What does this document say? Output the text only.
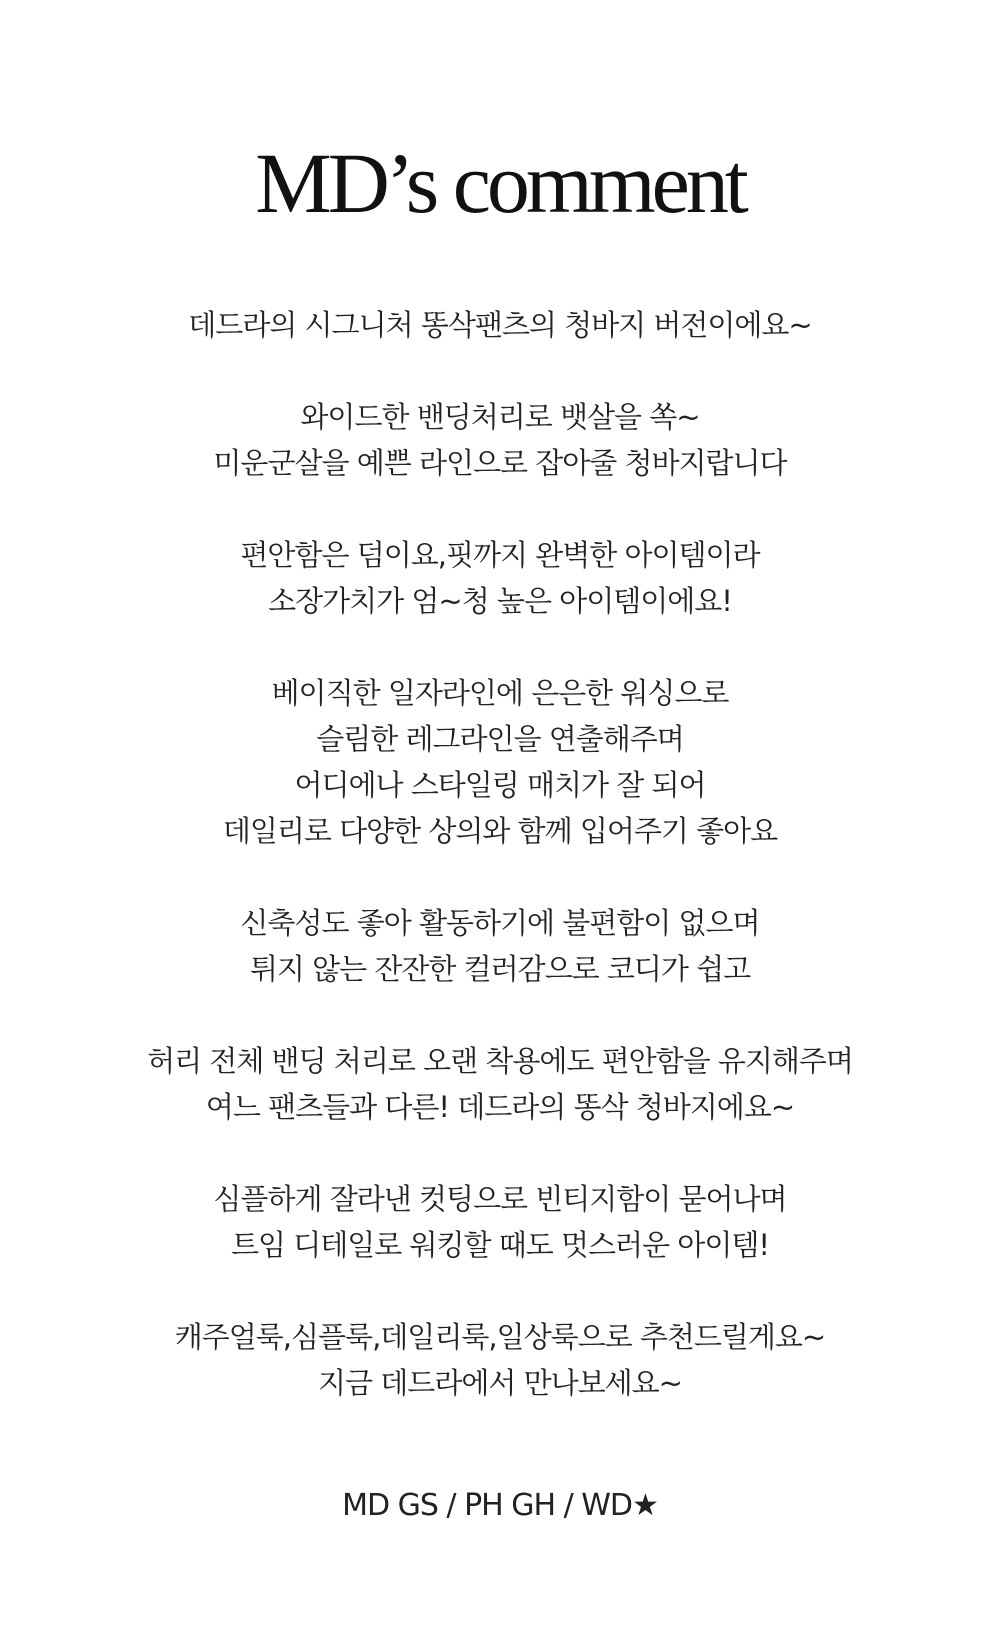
MD’s comment

데드라의 시그니처 똥삭팬츠의 청바지 버전이에요~

와이드한 밴딩처리로 뱃살을 쏙~
미운군살을 예쁜 라인으로 잡아줄 청바지랍니다

편안함은 덤이요,핏까지 완벽한 아이템이라
소장가치가 엄~청 높은 아이템이에요!

베이직한 일자라인에 은은한 워싱으로
슬림한 레그라인을 연출해주며
어디에나 스타일링 매치가 잘 되어
데일리로 다양한 상의와 함께 입어주기 좋아요

신축성도 좋아 활동하기에 불편함이 없으며
튀지 않는 잔잔한 컬러감으로 코디가 쉽고

허리 전체 밴딩 처리로 오랜 착용에도 편안함을 유지해주며
여느 팬츠들과 다른! 데드라의 똥삭 청바지에요~

심플하게 잘라낸 컷팅으로 빈티지함이 묻어나며
트임 디테일로 워킹할 때도 멋스러운 아이템!

캐주얼룩,심플룩,데일리룩,일상룩으로 추천드릴게요~
지금 데드라에서 만나보세요~

MD GS / PH GH / WD★
